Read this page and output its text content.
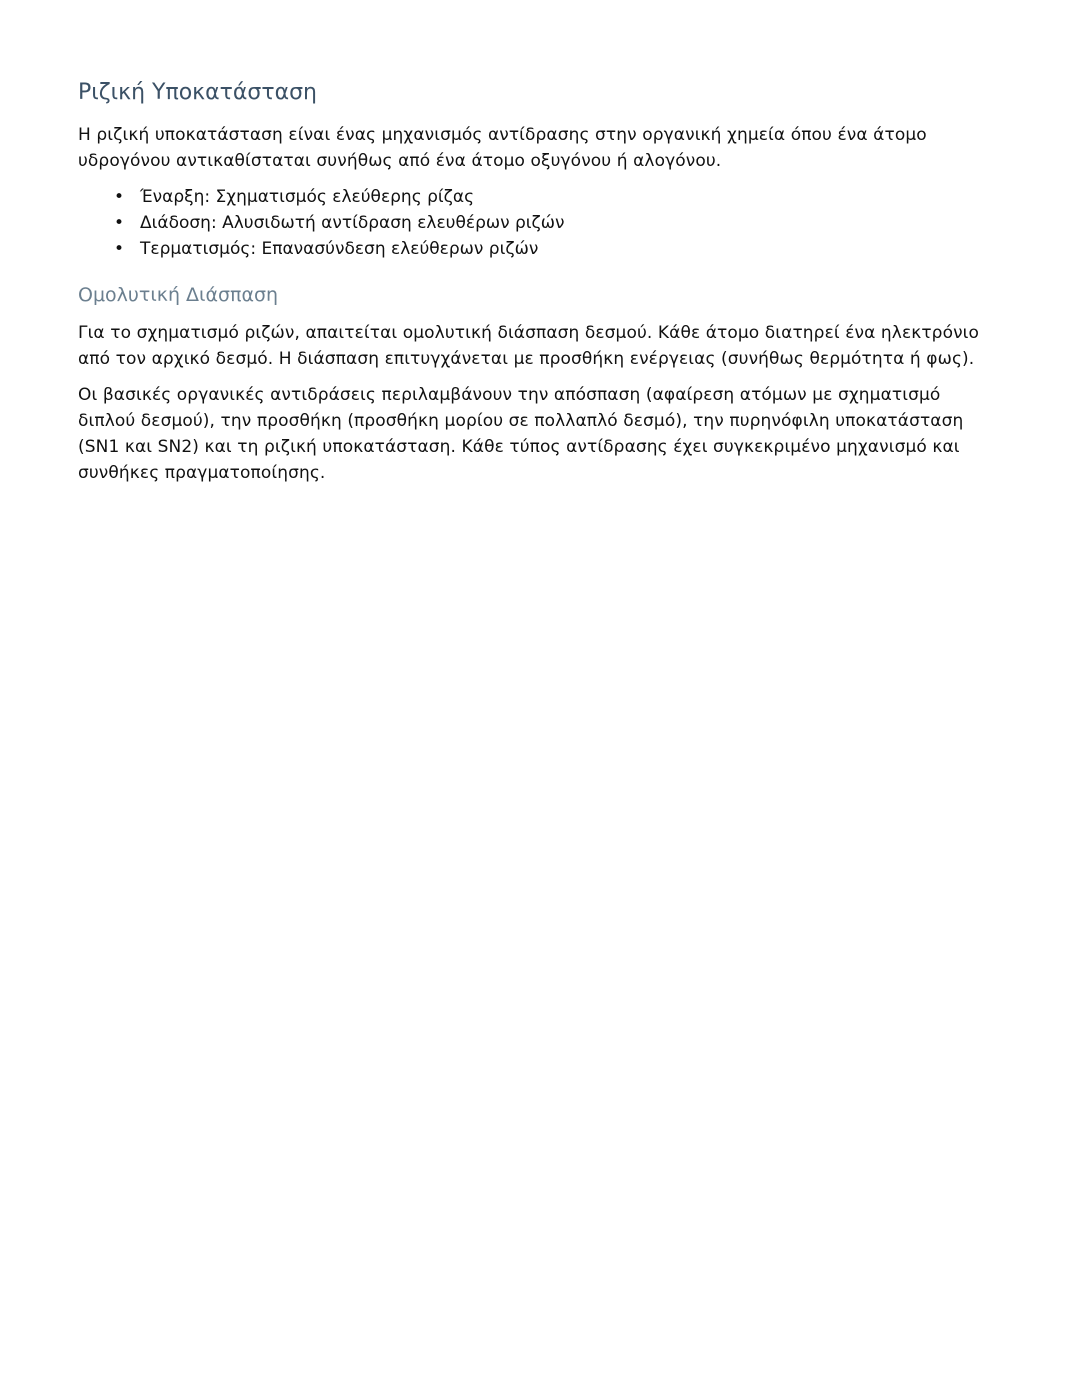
Ριζική Υποκατάσταση

Η ριζική υποκατάσταση είναι ένας μηχανισμός αντίδρασης στην οργανική χημεία όπου ένα άτομο υδρογόνου αντικαθίσταται συνήθως από ένα άτομο οξυγόνου ή αλογόνου.

• Έναρξη: Σχηματισμός ελεύθερης ρίζας
• Διάδοση: Αλυσιδωτή αντίδραση ελευθέρων ριζών
• Τερματισμός: Επανασύνδεση ελεύθερων ριζών
Ομολυτική Διάσπαση

Για το σχηματισμό ριζών, απαιτείται ομολυτική διάσπαση δεσμού. Κάθε άτομο διατηρεί ένα ηλεκτρόνιο από τον αρχικό δεσμό. Η διάσπαση επιτυγχάνεται με προσθήκη ενέργειας (συνήθως θερμότητα ή φως).

Οι βασικές οργανικές αντιδράσεις περιλαμβάνουν την απόσπαση (αφαίρεση ατόμων με σχηματισμό διπλού δεσμού), την προσθήκη (προσθήκη μορίου σε πολλαπλό δεσμό), την πυρηνόφιλη υποκατάσταση (SN1 και SN2) και τη ριζική υποκατάσταση. Κάθε τύπος αντίδρασης έχει συγκεκριμένο μηχανισμό και συνθήκες πραγματοποίησης.
